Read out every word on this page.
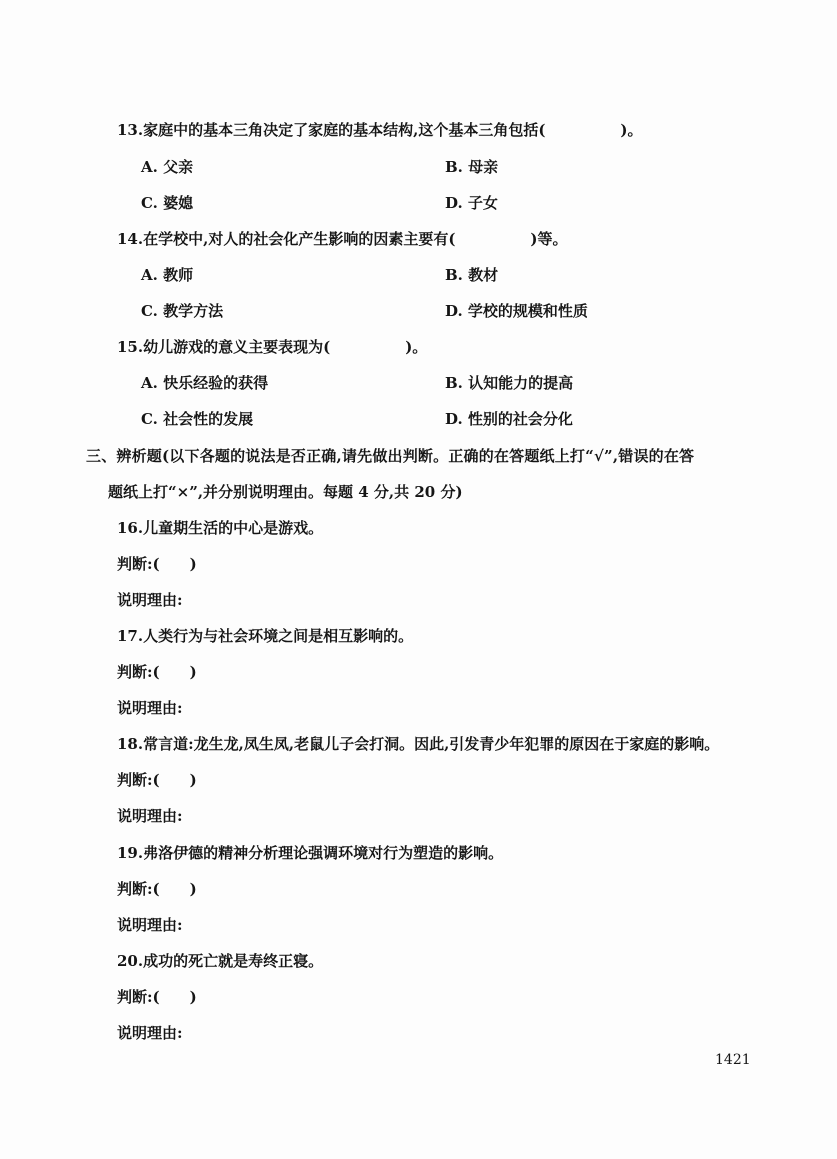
13.家庭中的基本三角决定了家庭的基本结构,这个基本三角包括(　　　　　)。
A. 父亲	B. 母亲
C. 婆媳	D. 子女
14.在学校中,对人的社会化产生影响的因素主要有(　　　　　)等。
A. 教师	B. 教材
C. 教学方法	D. 学校的规模和性质
15.幼儿游戏的意义主要表现为(　　　　　)。
A. 快乐经验的获得	B. 认知能力的提高
C. 社会性的发展	D. 性别的社会分化
三、辨析题(以下各题的说法是否正确,请先做出判断。正确的在答题纸上打“√”,错误的在答
题纸上打“×”,并分别说明理由。每题 4 分,共 20 分)
16.儿童期生活的中心是游戏。
判断:(　　)
说明理由:
17.人类行为与社会环境之间是相互影响的。
判断:(　　)
说明理由:
18.常言道:龙生龙,凤生凤,老鼠儿子会打洞。因此,引发青少年犯罪的原因在于家庭的影响。
判断:(　　)
说明理由:
19.弗洛伊德的精神分析理论强调环境对行为塑造的影响。
判断:(　　)
说明理由:
20.成功的死亡就是寿终正寝。
判断:(　　)
说明理由:
1421
